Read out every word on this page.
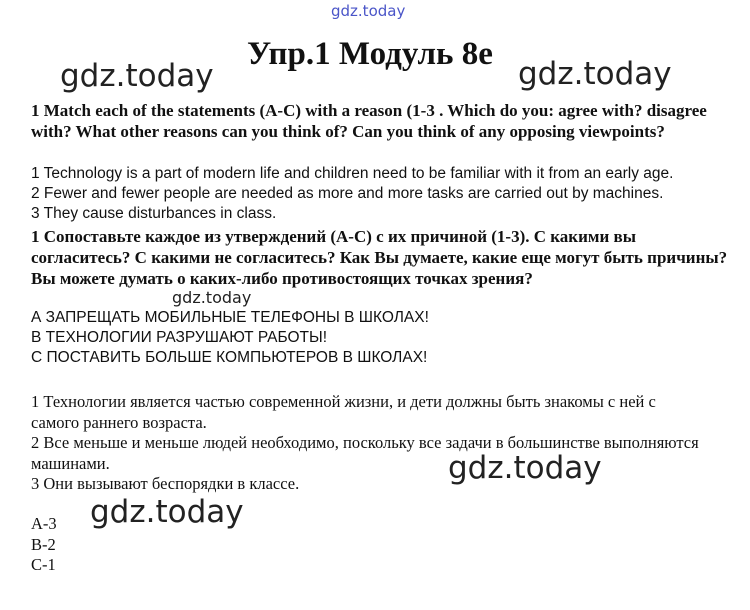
gdz.today
gdz.today	gdz.today
gdz.today
gdz.today
gdz.today
Упр.1 Модуль 8е
1 Match each of the statements (A-C) with a reason (1-3 . Which do you: agree with? disagree with? What other reasons can you think of? Can you think of any opposing viewpoints?
1 Technology is a part of modern life and children need to be familiar with it from an early age.
2 Fewer and fewer people are needed as more and more tasks are carried out by machines.
3 They cause disturbances in class.
1 Сопоставьте каждое из утверждений (A-C) с их причиной (1-3). С какими вы согласитесь? С какими не согласитесь? Как Вы думаете, какие еще могут быть причины? Вы можете думать о каких-либо противостоящих точках зрения?
А ЗАПРЕЩАТЬ МОБИЛЬНЫЕ ТЕЛЕФОНЫ В ШКОЛАХ!
В ТЕХНОЛОГИИ РАЗРУШАЮТ РАБОТЫ!
С ПОСТАВИТЬ БОЛЬШЕ КОМПЬЮТЕРОВ В ШКОЛАХ!
1 Технологии является частью современной жизни, и дети должны быть знакомы с ней с самого раннего возраста.
2 Все меньше и меньше людей необходимо, поскольку все задачи в большинстве выполняются машинами.
3 Они вызывают беспорядки в классе.
A-3
B-2
C-1
